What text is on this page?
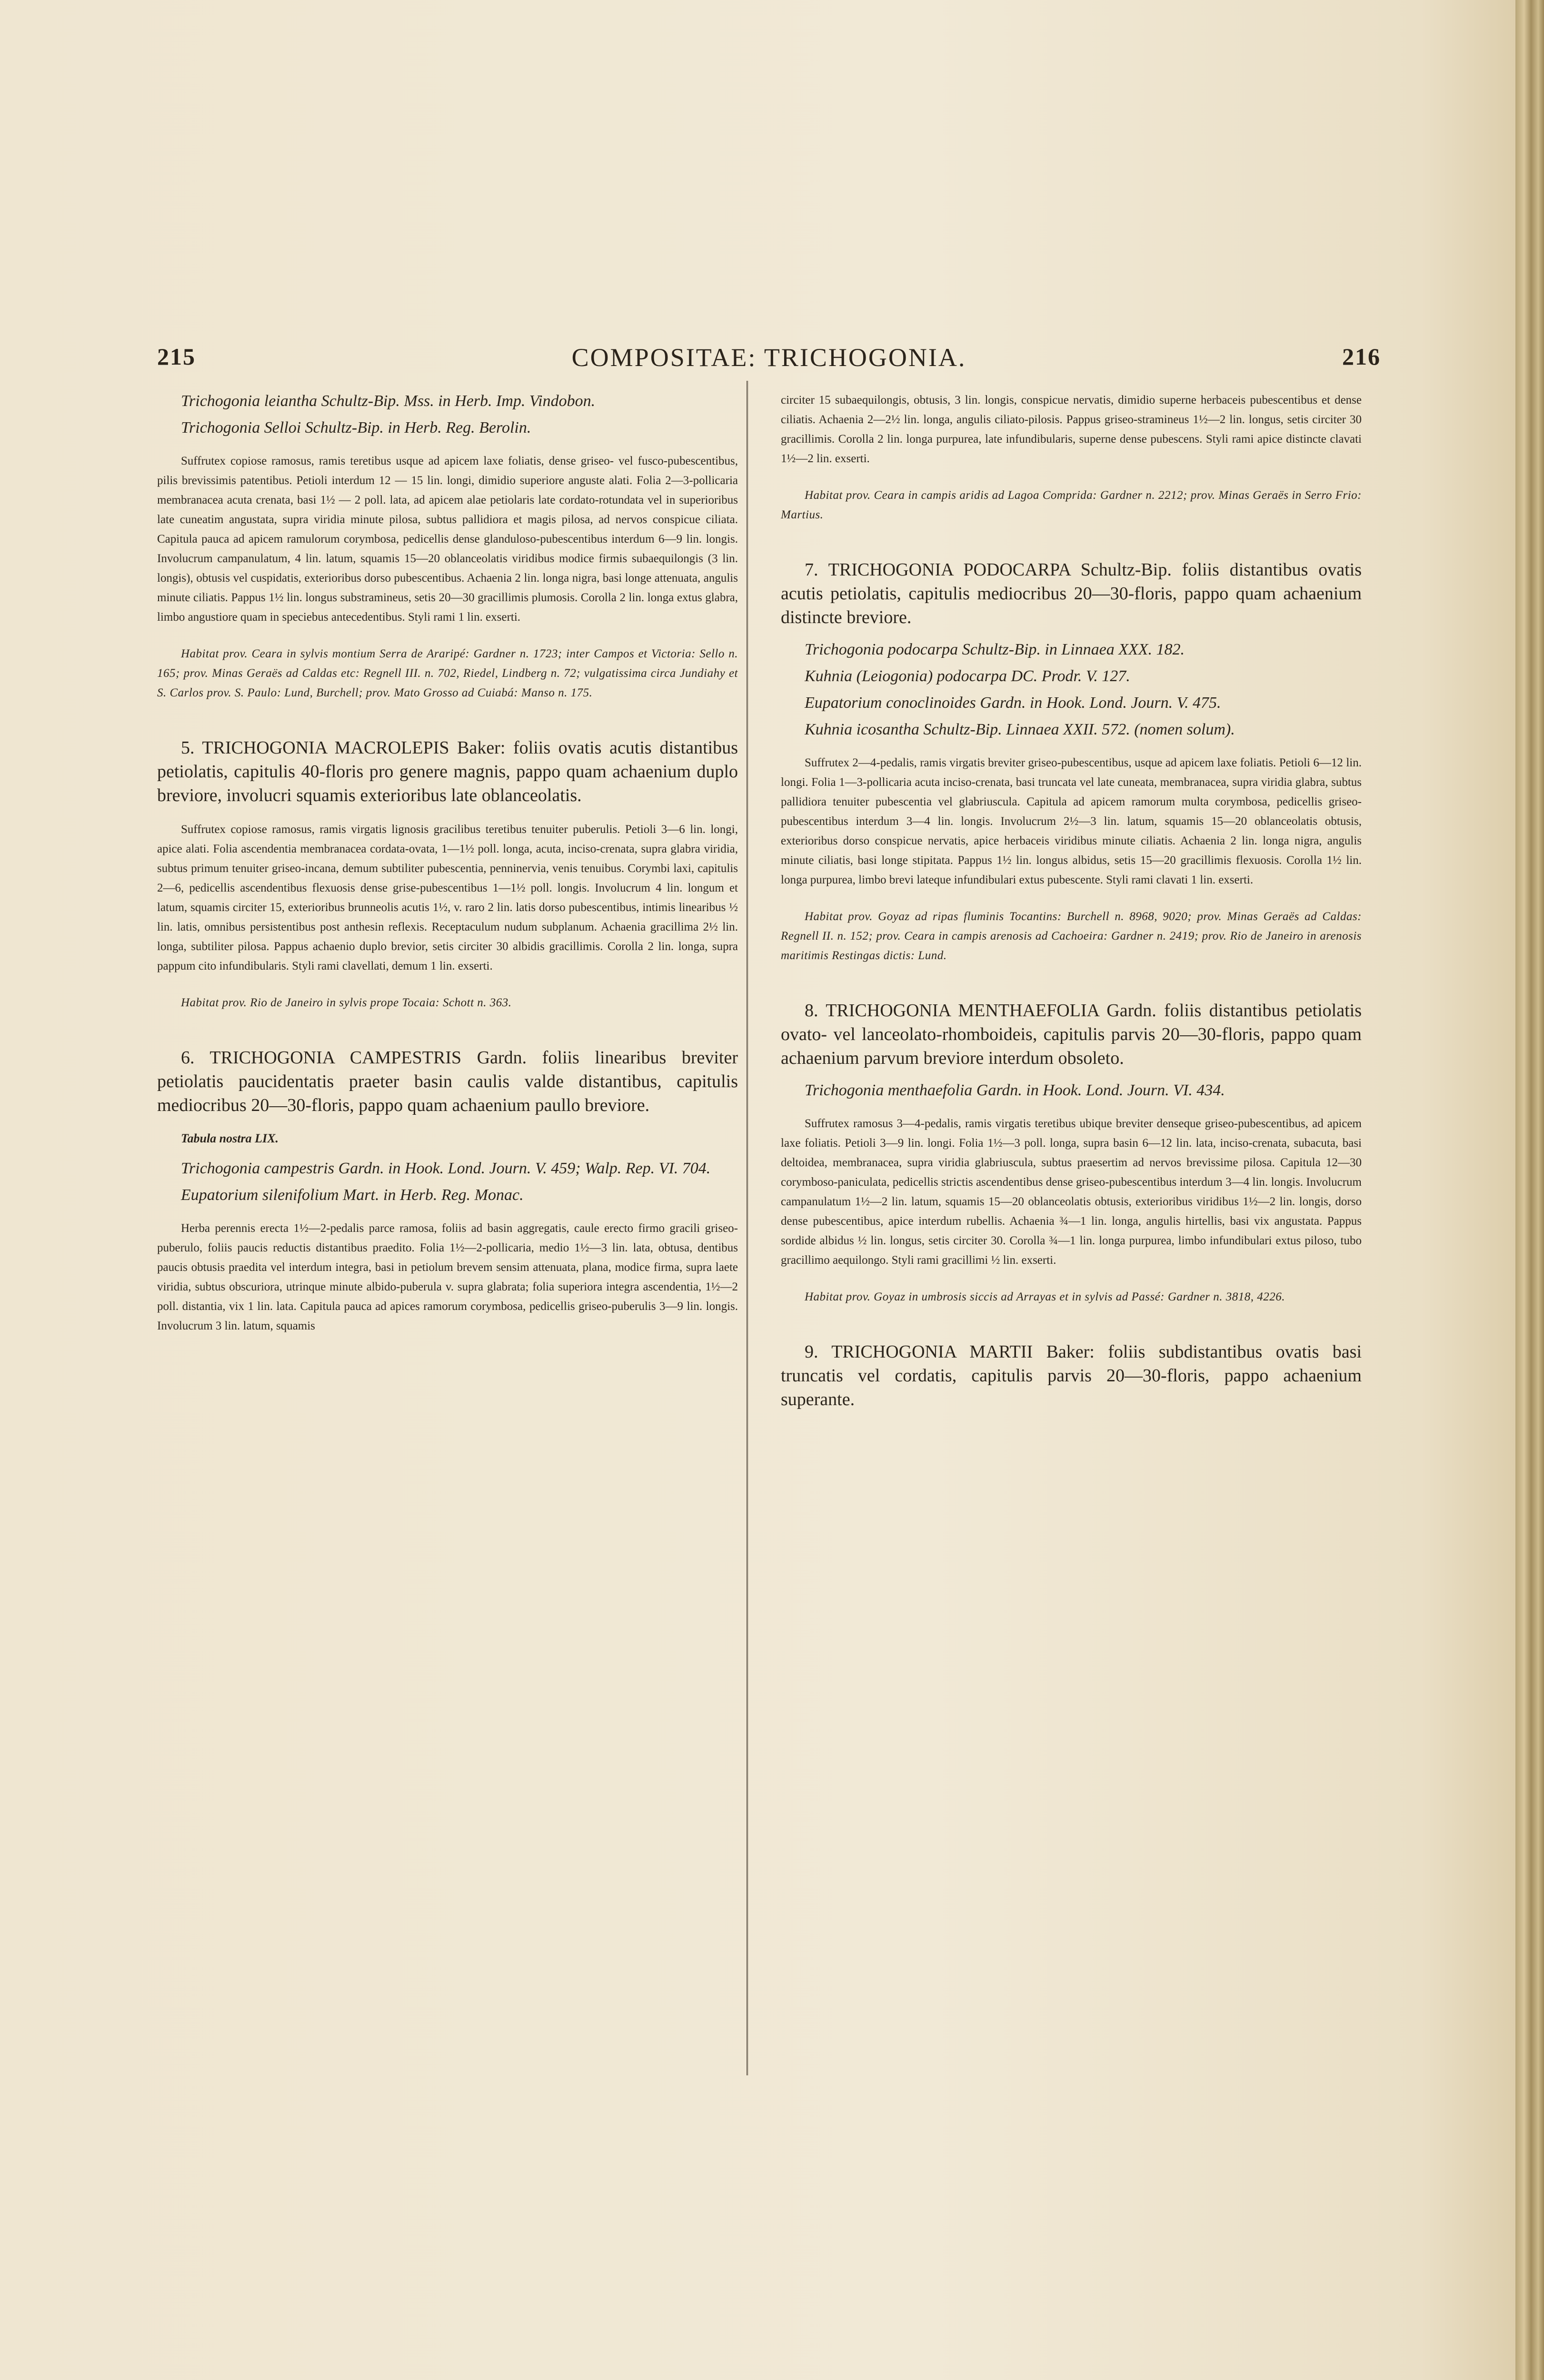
215	COMPOSITAE: TRICHOGONIA.	216

Trichogonia leiantha Schultz-Bip. Mss. in Herb. Imp. Vindobon.

Trichogonia Selloi Schultz-Bip. in Herb. Reg. Berolin.

Suffrutex copiose ramosus, ramis teretibus usque ad apicem laxe foliatis, dense griseo- vel fusco-pubescentibus, pilis brevissimis patentibus. Petioli interdum 12 — 15 lin. longi, dimidio superiore anguste alati. Folia 2—3-pollicaria membranacea acuta crenata, basi 1½ — 2 poll. lata, ad apicem alae petiolaris late cordato-rotundata vel in superioribus late cuneatim angustata, supra viridia minute pilosa, subtus pallidiora et magis pilosa, ad nervos conspicue ciliata. Capitula pauca ad apicem ramulorum corymbosa, pedicellis dense glanduloso-pubescentibus interdum 6—9 lin. longis. Involucrum campanulatum, 4 lin. latum, squamis 15—20 oblanceolatis viridibus modice firmis subaequilongis (3 lin. longis), obtusis vel cuspidatis, exterioribus dorso pubescentibus. Achaenia 2 lin. longa nigra, basi longe attenuata, angulis minute ciliatis. Pappus 1½ lin. longus substramineus, setis 20—30 gracillimis plumosis. Corolla 2 lin. longa extus glabra, limbo angustiore quam in speciebus antecedentibus. Styli rami 1 lin. exserti.

Habitat prov. Ceara in sylvis montium Serra de Araripé: Gardner n. 1723; inter Campos et Victoria: Sello n. 165; prov. Minas Geraës ad Caldas etc: Regnell III. n. 702, Riedel, Lindberg n. 72; vulgatissima circa Jundiahy et S. Carlos prov. S. Paulo: Lund, Burchell; prov. Mato Grosso ad Cuiabá: Manso n. 175.

5. TRICHOGONIA MACROLEPIS Baker: foliis ovatis acutis distantibus petiolatis, capitulis 40-floris pro genere magnis, pappo quam achaenium duplo breviore, involucri squamis exterioribus late oblanceolatis.

Suffrutex copiose ramosus, ramis virgatis lignosis gracilibus teretibus tenuiter puberulis. Petioli 3—6 lin. longi, apice alati. Folia ascendentia membranacea cordata-ovata, 1—1½ poll. longa, acuta, inciso-crenata, supra glabra viridia, subtus primum tenuiter griseo-incana, demum subtiliter pubescentia, penninervia, venis tenuibus. Corymbi laxi, capitulis 2—6, pedicellis ascendentibus flexuosis dense grise-pubescentibus 1—1½ poll. longis. Involucrum 4 lin. longum et latum, squamis circiter 15, exterioribus brunneolis acutis 1½, v. raro 2 lin. latis dorso pubescentibus, intimis linearibus ½ lin. latis, omnibus persistentibus post anthesin reflexis. Receptaculum nudum subplanum. Achaenia gracillima 2½ lin. longa, subtiliter pilosa. Pappus achaenio duplo brevior, setis circiter 30 albidis gracillimis. Corolla 2 lin. longa, supra pappum cito infundibularis. Styli rami clavellati, demum 1 lin. exserti.

Habitat prov. Rio de Janeiro in sylvis prope Tocaia: Schott n. 363.

6. TRICHOGONIA CAMPESTRIS Gardn. foliis linearibus breviter petiolatis paucidentatis praeter basin caulis valde distantibus, capitulis mediocribus 20—30-floris, pappo quam achaenium paullo breviore.

Tabula nostra LIX.

Trichogonia campestris Gardn. in Hook. Lond. Journ. V. 459; Walp. Rep. VI. 704.

Eupatorium silenifolium Mart. in Herb. Reg. Monac.

Herba perennis erecta 1½—2-pedalis parce ramosa, foliis ad basin aggregatis, caule erecto firmo gracili griseo-puberulo, foliis paucis reductis distantibus praedito. Folia 1½—2-pollicaria, medio 1½—3 lin. lata, obtusa, dentibus paucis obtusis praedita vel interdum integra, basi in petiolum brevem sensim attenuata, plana, modice firma, supra laete viridia, subtus obscuriora, utrinque minute albido-puberula v. supra glabrata; folia superiora integra ascendentia, 1½—2 poll. distantia, vix 1 lin. lata. Capitula pauca ad apices ramorum corymbosa, pedicellis griseo-puberulis 3—9 lin. longis. Involucrum 3 lin. latum, squamis

circiter 15 subaequilongis, obtusis, 3 lin. longis, conspicue nervatis, dimidio superne herbaceis pubescentibus et dense ciliatis. Achaenia 2—2½ lin. longa, angulis ciliato-pilosis. Pappus griseo-stramineus 1½—2 lin. longus, setis circiter 30 gracillimis. Corolla 2 lin. longa purpurea, late infundibularis, superne dense pubescens. Styli rami apice distincte clavati 1½—2 lin. exserti.

Habitat prov. Ceara in campis aridis ad Lagoa Comprida: Gardner n. 2212; prov. Minas Geraës in Serro Frio: Martius.

7. TRICHOGONIA PODOCARPA Schultz-Bip. foliis distantibus ovatis acutis petiolatis, capitulis mediocribus 20—30-floris, pappo quam achaenium distincte breviore.

Trichogonia podocarpa Schultz-Bip. in Linnaea XXX. 182.

Kuhnia (Leiogonia) podocarpa DC. Prodr. V. 127.

Eupatorium conoclinoides Gardn. in Hook. Lond. Journ. V. 475.

Kuhnia icosantha Schultz-Bip. Linnaea XXII. 572. (nomen solum).

Suffrutex 2—4-pedalis, ramis virgatis breviter griseo-pubescentibus, usque ad apicem laxe foliatis. Petioli 6—12 lin. longi. Folia 1—3-pollicaria acuta inciso-crenata, basi truncata vel late cuneata, membranacea, supra viridia glabra, subtus pallidiora tenuiter pubescentia vel glabriuscula. Capitula ad apicem ramorum multa corymbosa, pedicellis griseo-pubescentibus interdum 3—4 lin. longis. Involucrum 2½—3 lin. latum, squamis 15—20 oblanceolatis obtusis, exterioribus dorso conspicue nervatis, apice herbaceis viridibus minute ciliatis. Achaenia 2 lin. longa nigra, angulis minute ciliatis, basi longe stipitata. Pappus 1½ lin. longus albidus, setis 15—20 gracillimis flexuosis. Corolla 1½ lin. longa purpurea, limbo brevi lateque infundibulari extus pubescente. Styli rami clavati 1 lin. exserti.

Habitat prov. Goyaz ad ripas fluminis Tocantins: Burchell n. 8968, 9020; prov. Minas Geraës ad Caldas: Regnell II. n. 152; prov. Ceara in campis arenosis ad Cachoeira: Gardner n. 2419; prov. Rio de Janeiro in arenosis maritimis Restingas dictis: Lund.

8. TRICHOGONIA MENTHAEFOLIA Gardn. foliis distantibus petiolatis ovato- vel lanceolato-rhomboideis, capitulis parvis 20—30-floris, pappo quam achaenium parvum breviore interdum obsoleto.

Trichogonia menthaefolia Gardn. in Hook. Lond. Journ. VI. 434.

Suffrutex ramosus 3—4-pedalis, ramis virgatis teretibus ubique breviter denseque griseo-pubescentibus, ad apicem laxe foliatis. Petioli 3—9 lin. longi. Folia 1½—3 poll. longa, supra basin 6—12 lin. lata, inciso-crenata, subacuta, basi deltoidea, membranacea, supra viridia glabriuscula, subtus praesertim ad nervos brevissime pilosa. Capitula 12—30 corymboso-paniculata, pedicellis strictis ascendentibus dense griseo-pubescentibus interdum 3—4 lin. longis. Involucrum campanulatum 1½—2 lin. latum, squamis 15—20 oblanceolatis obtusis, exterioribus viridibus 1½—2 lin. longis, dorso dense pubescentibus, apice interdum rubellis. Achaenia ¾—1 lin. longa, angulis hirtellis, basi vix angustata. Pappus sordide albidus ½ lin. longus, setis circiter 30. Corolla ¾—1 lin. longa purpurea, limbo infundibulari extus piloso, tubo gracillimo aequilongo. Styli rami gracillimi ½ lin. exserti.

Habitat prov. Goyaz in umbrosis siccis ad Arrayas et in sylvis ad Passé: Gardner n. 3818, 4226.

9. TRICHOGONIA MARTII Baker: foliis subdistantibus ovatis basi truncatis vel cordatis, capitulis parvis 20—30-floris, pappo achaenium superante.
